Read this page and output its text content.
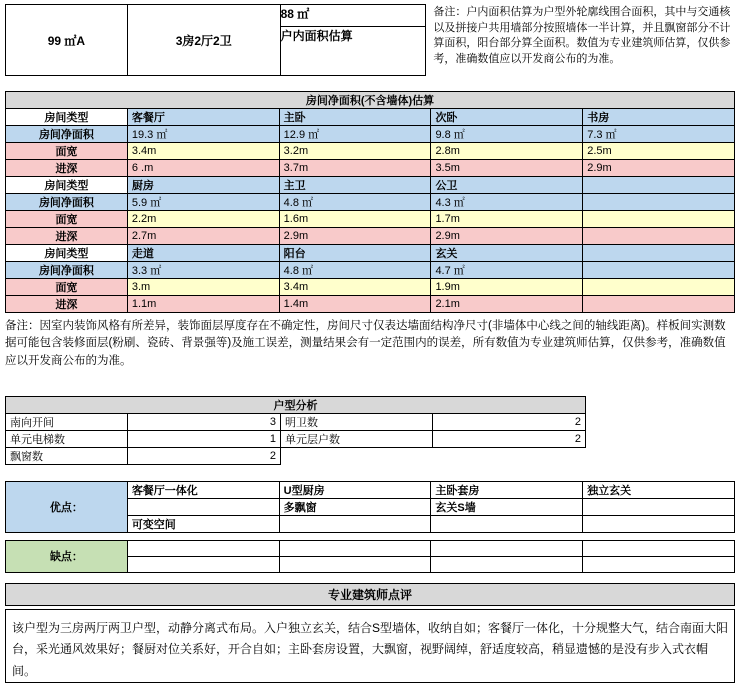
99 ㎡A	3房2厅2卫	88 ㎡
户内面积估算
备注：户内面积估算为户型外轮廓线围合面积，其中与交通核以及拼接户共用墙部分按照墙体一半计算，并且飘窗部分不计算面积，阳台部分算全面积。数值为专业建筑师估算，仅供参考，准确数值应以开发商公布的为准。
房间净面积(不含墙体)估算				
房间类型	客餐厅	主卧	次卧	书房
房间净面积	19.3 ㎡	12.9 ㎡	9.8 ㎡	7.3 ㎡
面宽	3.4m	3.2m	2.8m	2.5m
进深	6 .m	3.7m	3.5m	2.9m
房间类型	厨房	主卫	公卫	
房间净面积	5.9 ㎡	4.8 ㎡	4.3 ㎡	
面宽	2.2m	1.6m	1.7m	
进深	2.7m	2.9m	2.9m	
房间类型	走道	阳台	玄关	
房间净面积	3.3 ㎡	4.8 ㎡	4.7 ㎡	
面宽	3.m	3.4m	1.9m	
进深	1.1m	1.4m	2.1m	
备注：因室内装饰风格有所差异，装饰面层厚度存在不确定性，房间尺寸仅表达墙面结构净尺寸(非墙体中心线之间的轴线距离)。样板间实测数据可能包含装修面层(粉刷、瓷砖、背景强等)及施工误差，测量结果会有一定范围内的误差，所有数值为专业建筑师估算，仅供参考，准确数值应以开发商公布的为准。
户型分析			
南向开间	3	明卫数	2
单元电梯数	1	单元层户数	2
飘窗数	2		
优点：	客餐厅一体化	U型厨房	主卧套房	独立玄关
		多飘窗	玄关S墙	
	可变空间			
缺点：				

专业建筑师点评
该户型为三房两厅两卫户型，动静分离式布局。入户独立玄关，结合S型墙体，收纳自如；客餐厅一体化，十分规整大气，结合南面大阳台，采光通风效果好；餐厨对位关系好，开合自如；主卧套房设置，大飘窗，视野阔绰，舒适度较高，稍显遗憾的是没有步入式衣帽间。
